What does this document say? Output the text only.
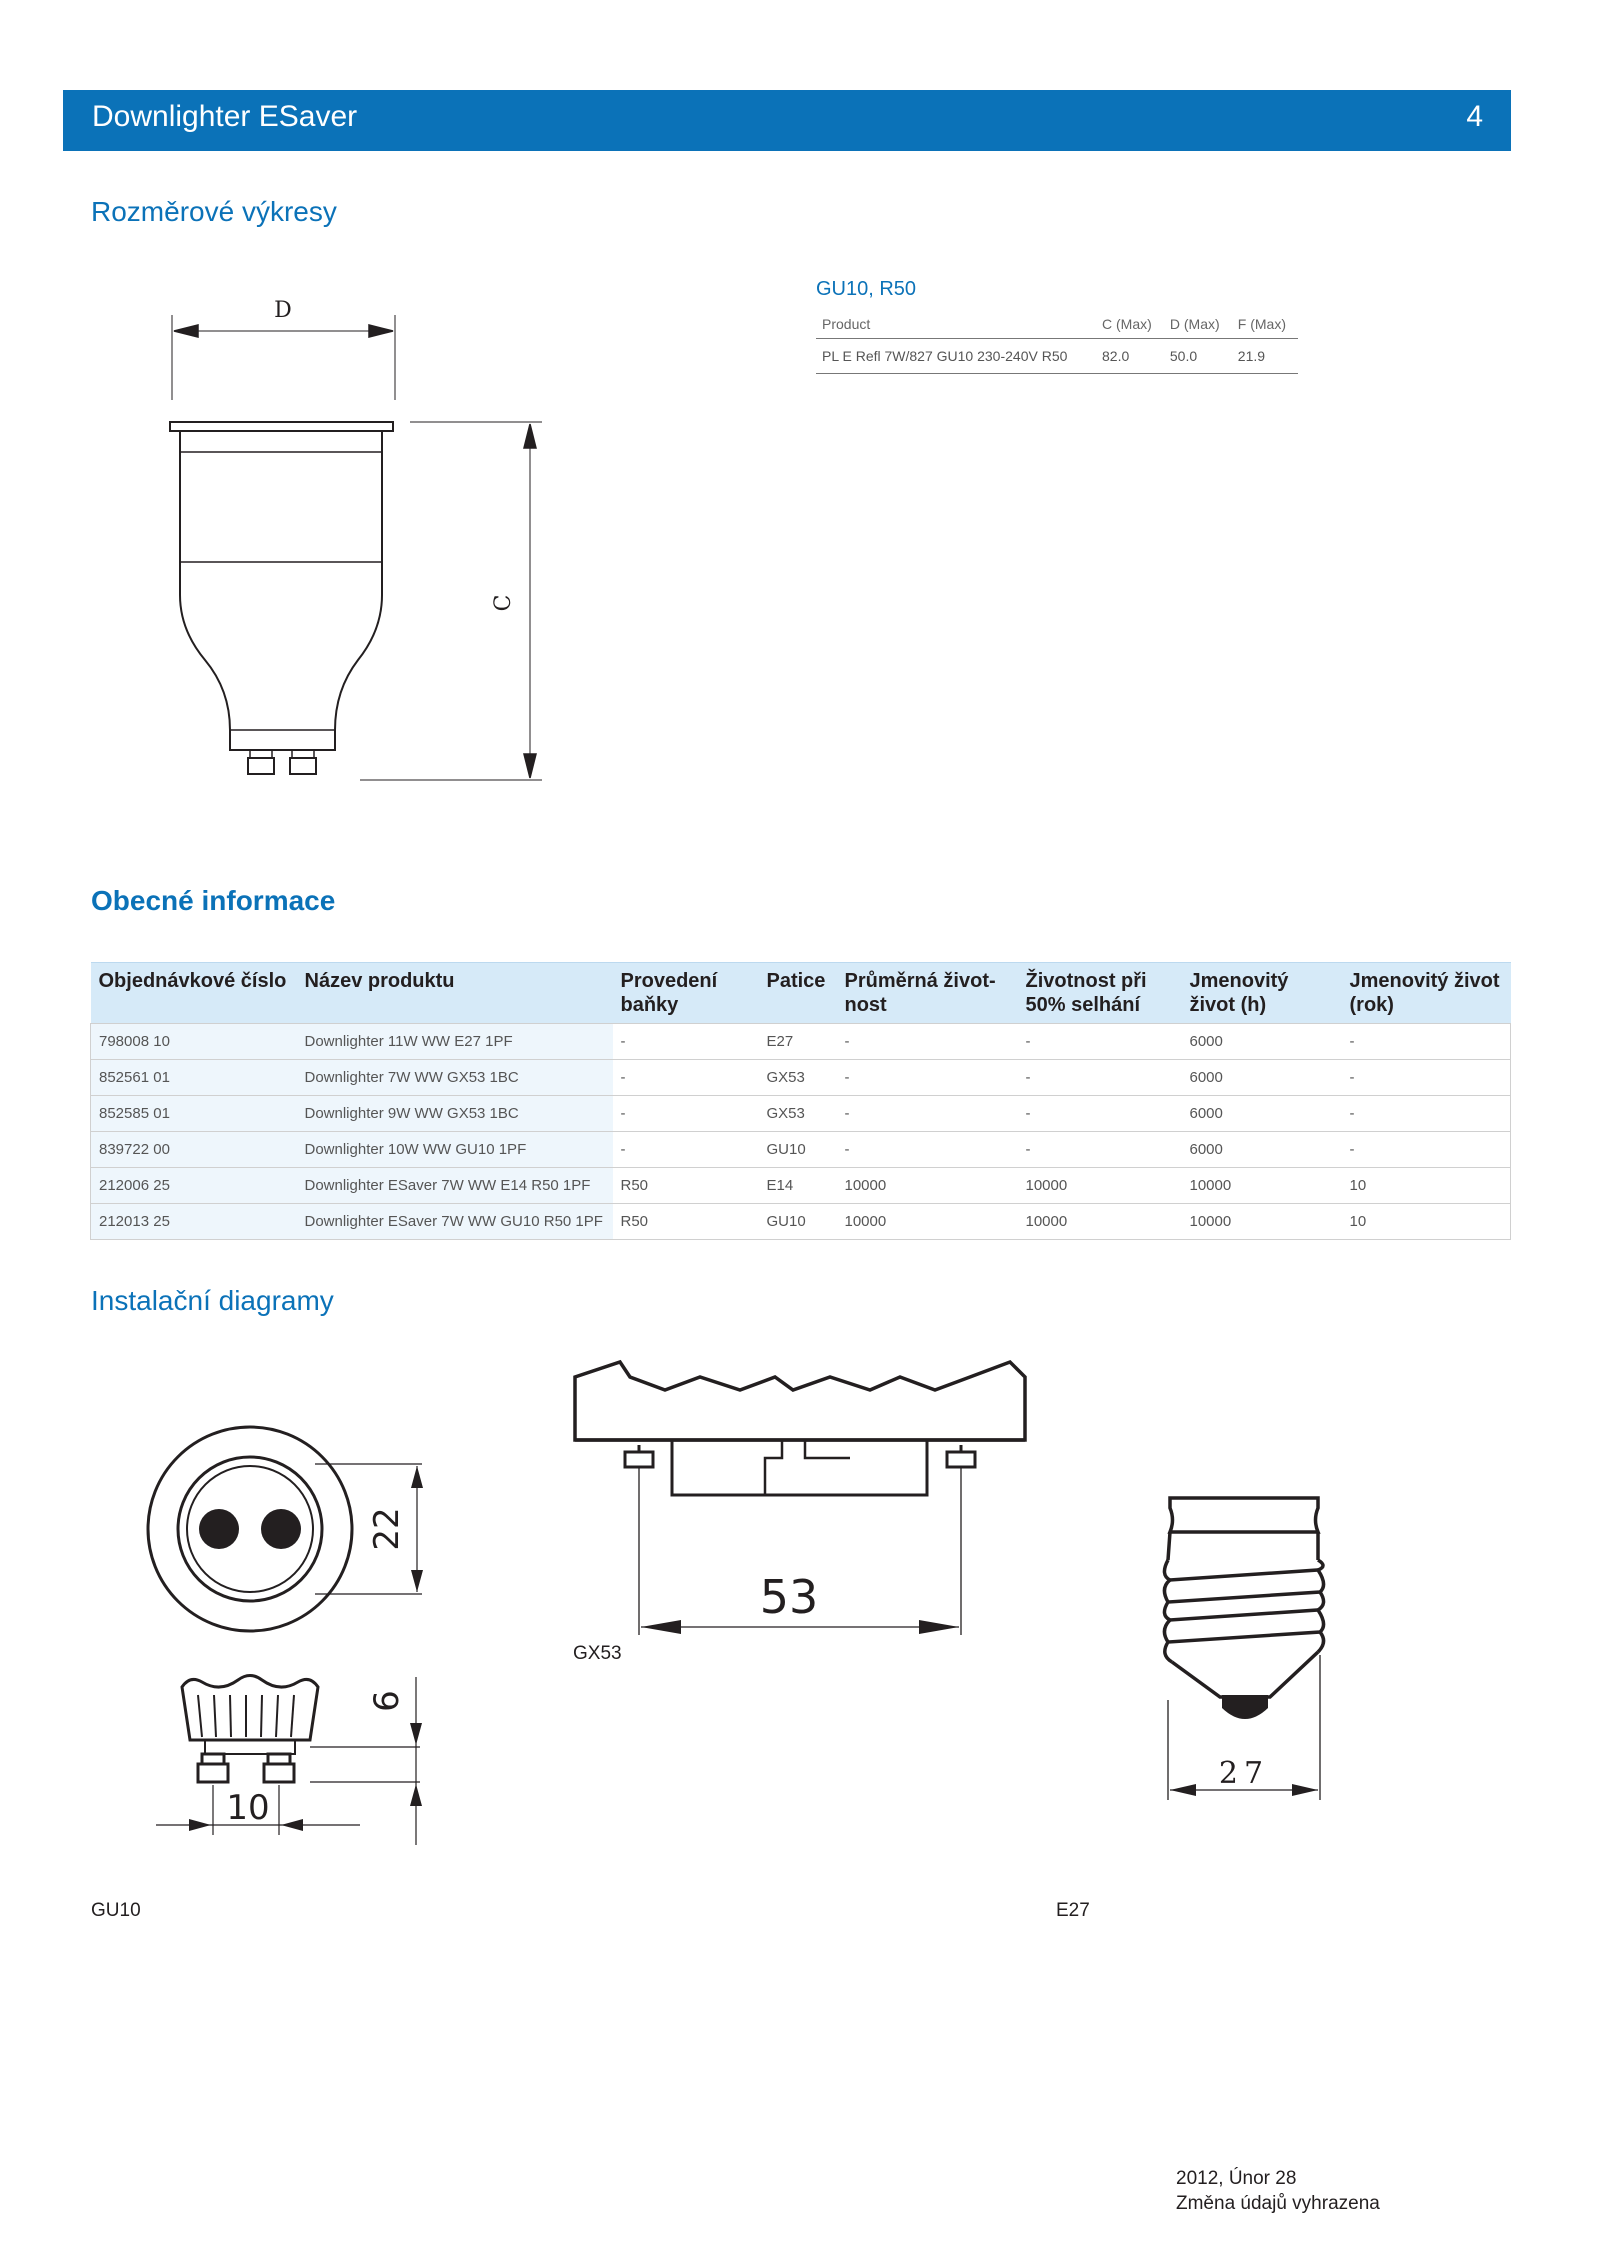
Downlighter ESaver	4
Rozměrové výkresy
D
C
GU10, R50
Product	C (Max)	D (Max)	F (Max)
PL E Refl 7W/827 GU10 230-240V R50	82.0	50.0	21.9
Obecné informace
Objednávkové číslo	Název produktu	Provedení baňky	Patice	Průměrná život-nost	Životnost při 50% selhání	Jmenovitý život (h)	Jmenovitý život (rok)
798008 10	Downlighter 11W WW E27 1PF	-	E27	-	-	6000	-
852561 01	Downlighter 7W WW GX53 1BC	-	GX53	-	-	6000	-
852585 01	Downlighter 9W WW GX53 1BC	-	GX53	-	-	6000	-
839722 00	Downlighter 10W WW GU10 1PF	-	GU10	-	-	6000	-
212006 25	Downlighter ESaver 7W WW E14 R50 1PF	R50	E14	10000	10000	10000	10
212013 25	Downlighter ESaver 7W WW GU10 R50 1PF	R50	GU10	10000	10000	10000	10
Instalační diagramy
22
6
10
53
GX53
27
GU10	E27
2012, Únor 28
Změna údajů vyhrazena
